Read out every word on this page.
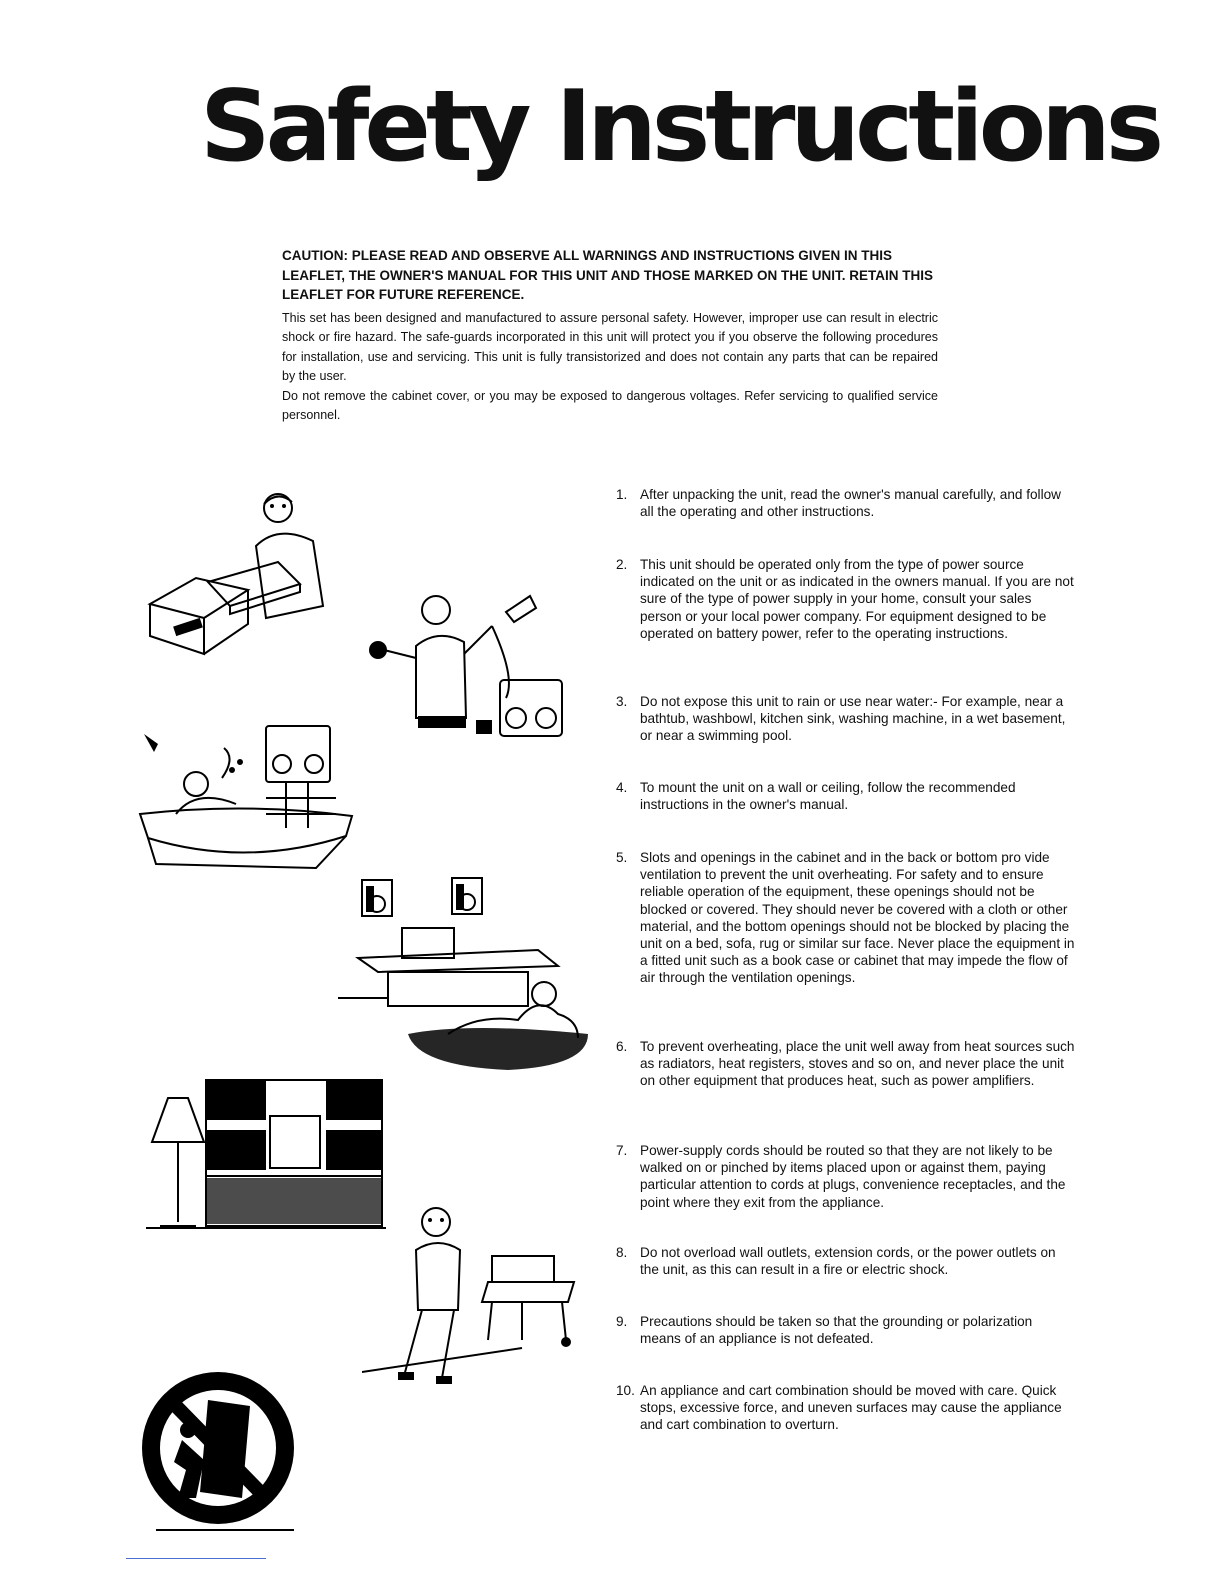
Safety Instructions

CAUTION: PLEASE READ AND OBSERVE ALL WARNINGS AND INSTRUCTIONS GIVEN IN THIS LEAFLET, THE OWNER'S MANUAL FOR THIS UNIT AND THOSE MARKED ON THE UNIT. RETAIN THIS LEAFLET FOR FUTURE REFERENCE.

This set has been designed and manufactured to assure personal safety. However, improper use can result in electric shock or fire hazard. The safe-guards incorporated in this unit will protect you if you observe the following procedures for installation, use and servicing. This unit is fully transistorized and does not contain any parts that can be repaired by the user.

Do not remove the cabinet cover, or you may be exposed to dangerous voltages. Refer servicing to qualified service personnel.

1. After unpacking the unit, read the owner's manual carefully, and follow all the operating and other instructions.
2. This unit should be operated only from the type of power source indicated on the unit or as indicated in the owners manual. If you are not sure of the type of power supply in your home, consult your sales person or your local power company. For equipment designed to be operated on battery power, refer to the operating instructions.
3. Do not expose this unit to rain or use near water:- For example, near a bathtub, washbowl, kitchen sink, washing machine, in a wet basement, or near a swimming pool.
4. To mount the unit on a wall or ceiling, follow the recommended instructions in the owner's manual.
5. Slots and openings in the cabinet and in the back or bottom pro vide ventilation to prevent the unit overheating. For safety and to ensure reliable operation of the equipment, these openings should not be blocked or covered. They should never be covered with a cloth or other material, and the bottom openings should not be blocked by placing the unit on a bed, sofa, rug or similar sur face. Never place the equipment in a fitted unit such as a book case or cabinet that may impede the flow of air through the ventilation openings.
6. To prevent overheating, place the unit well away from heat sources such as radiators, heat registers, stoves and so on, and never place the unit on other equipment that produces heat, such as power amplifiers.
7. Power-supply cords should be routed so that they are not likely to be walked on or pinched by items placed upon or against them, paying particular attention to cords at plugs, convenience receptacles, and the point where they exit from the appliance.
8. Do not overload wall outlets, extension cords, or the power outlets on the unit, as this can result in a fire or electric shock.
9. Precautions should be taken so that the grounding or polarization means of an appliance is not defeated.
10. An appliance and cart combination should be moved with care. Quick stops, excessive force, and uneven surfaces may cause the appliance and cart combination to overturn.
